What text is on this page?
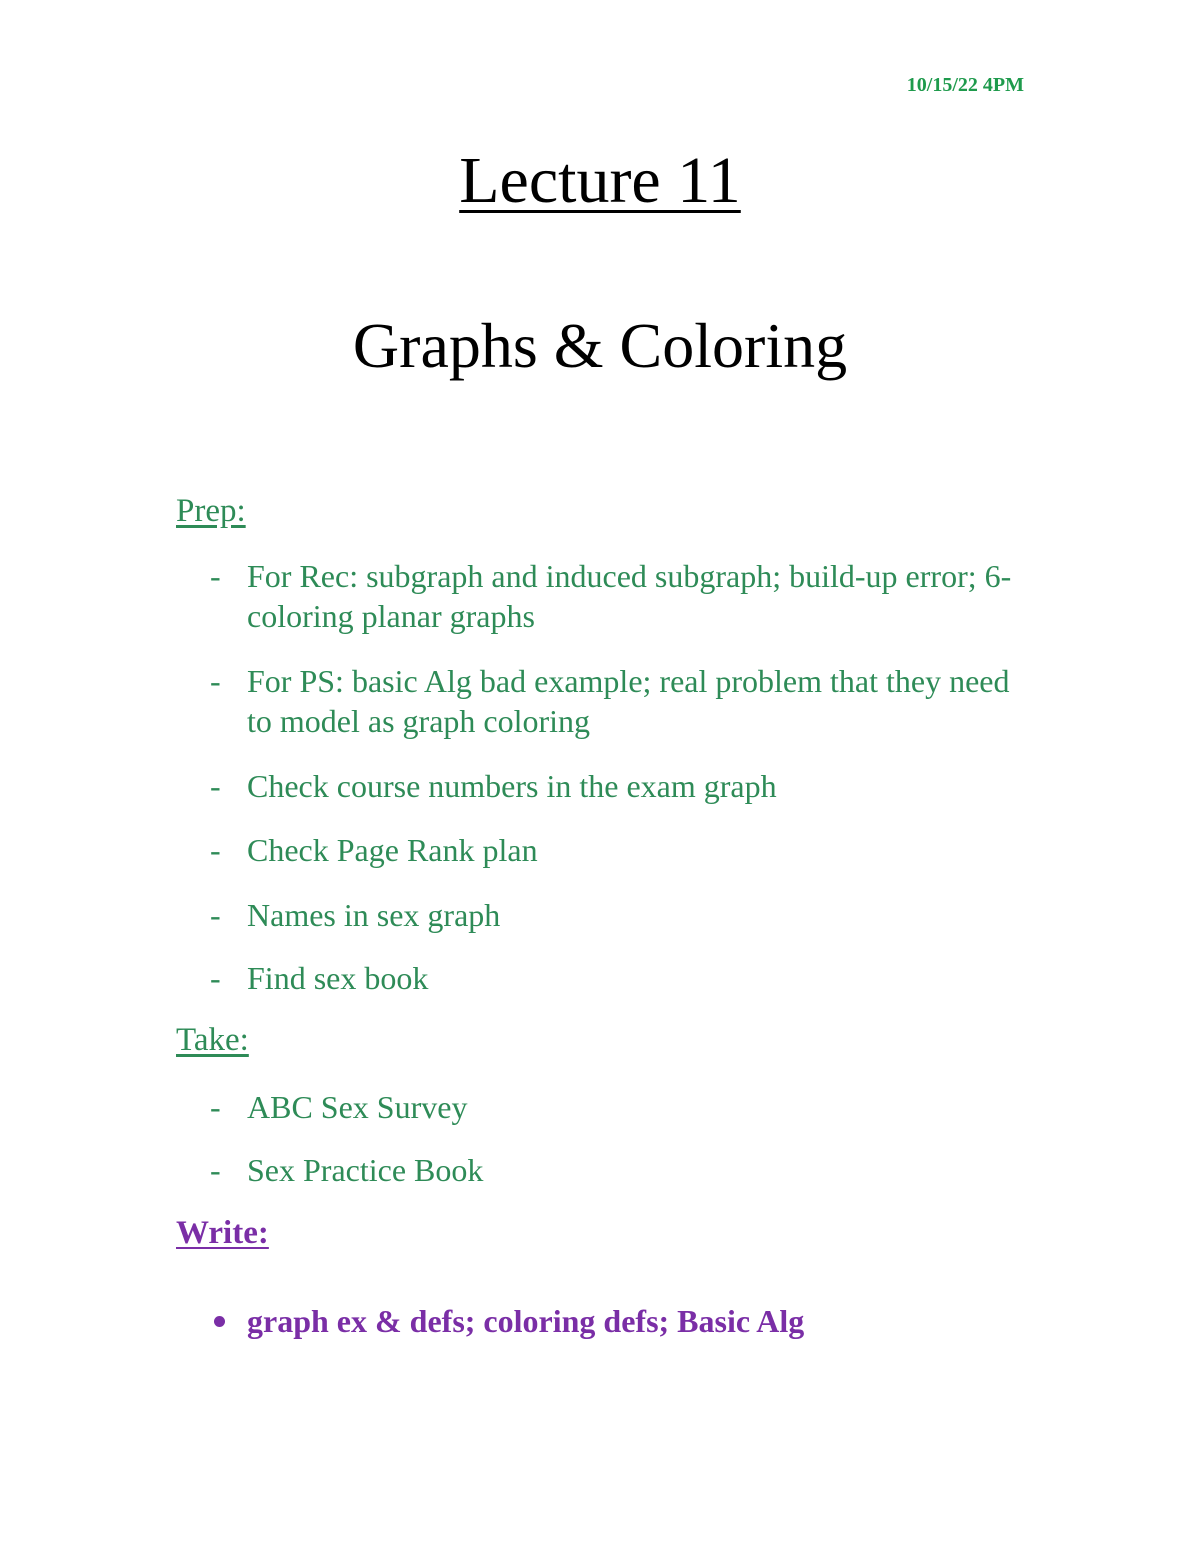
10/15/22 4PM
Lecture 11
Graphs & Coloring
Prep:
- For Rec: subgraph and induced subgraph; build-up error; 6-coloring planar graphs
- For PS: basic Alg bad example; real problem that they need to model as graph coloring
- Check course numbers in the exam graph
- Check Page Rank plan
- Names in sex graph
- Find sex book
Take:
- ABC Sex Survey
- Sex Practice Book
Write:
graph ex & defs; coloring defs; Basic Alg
